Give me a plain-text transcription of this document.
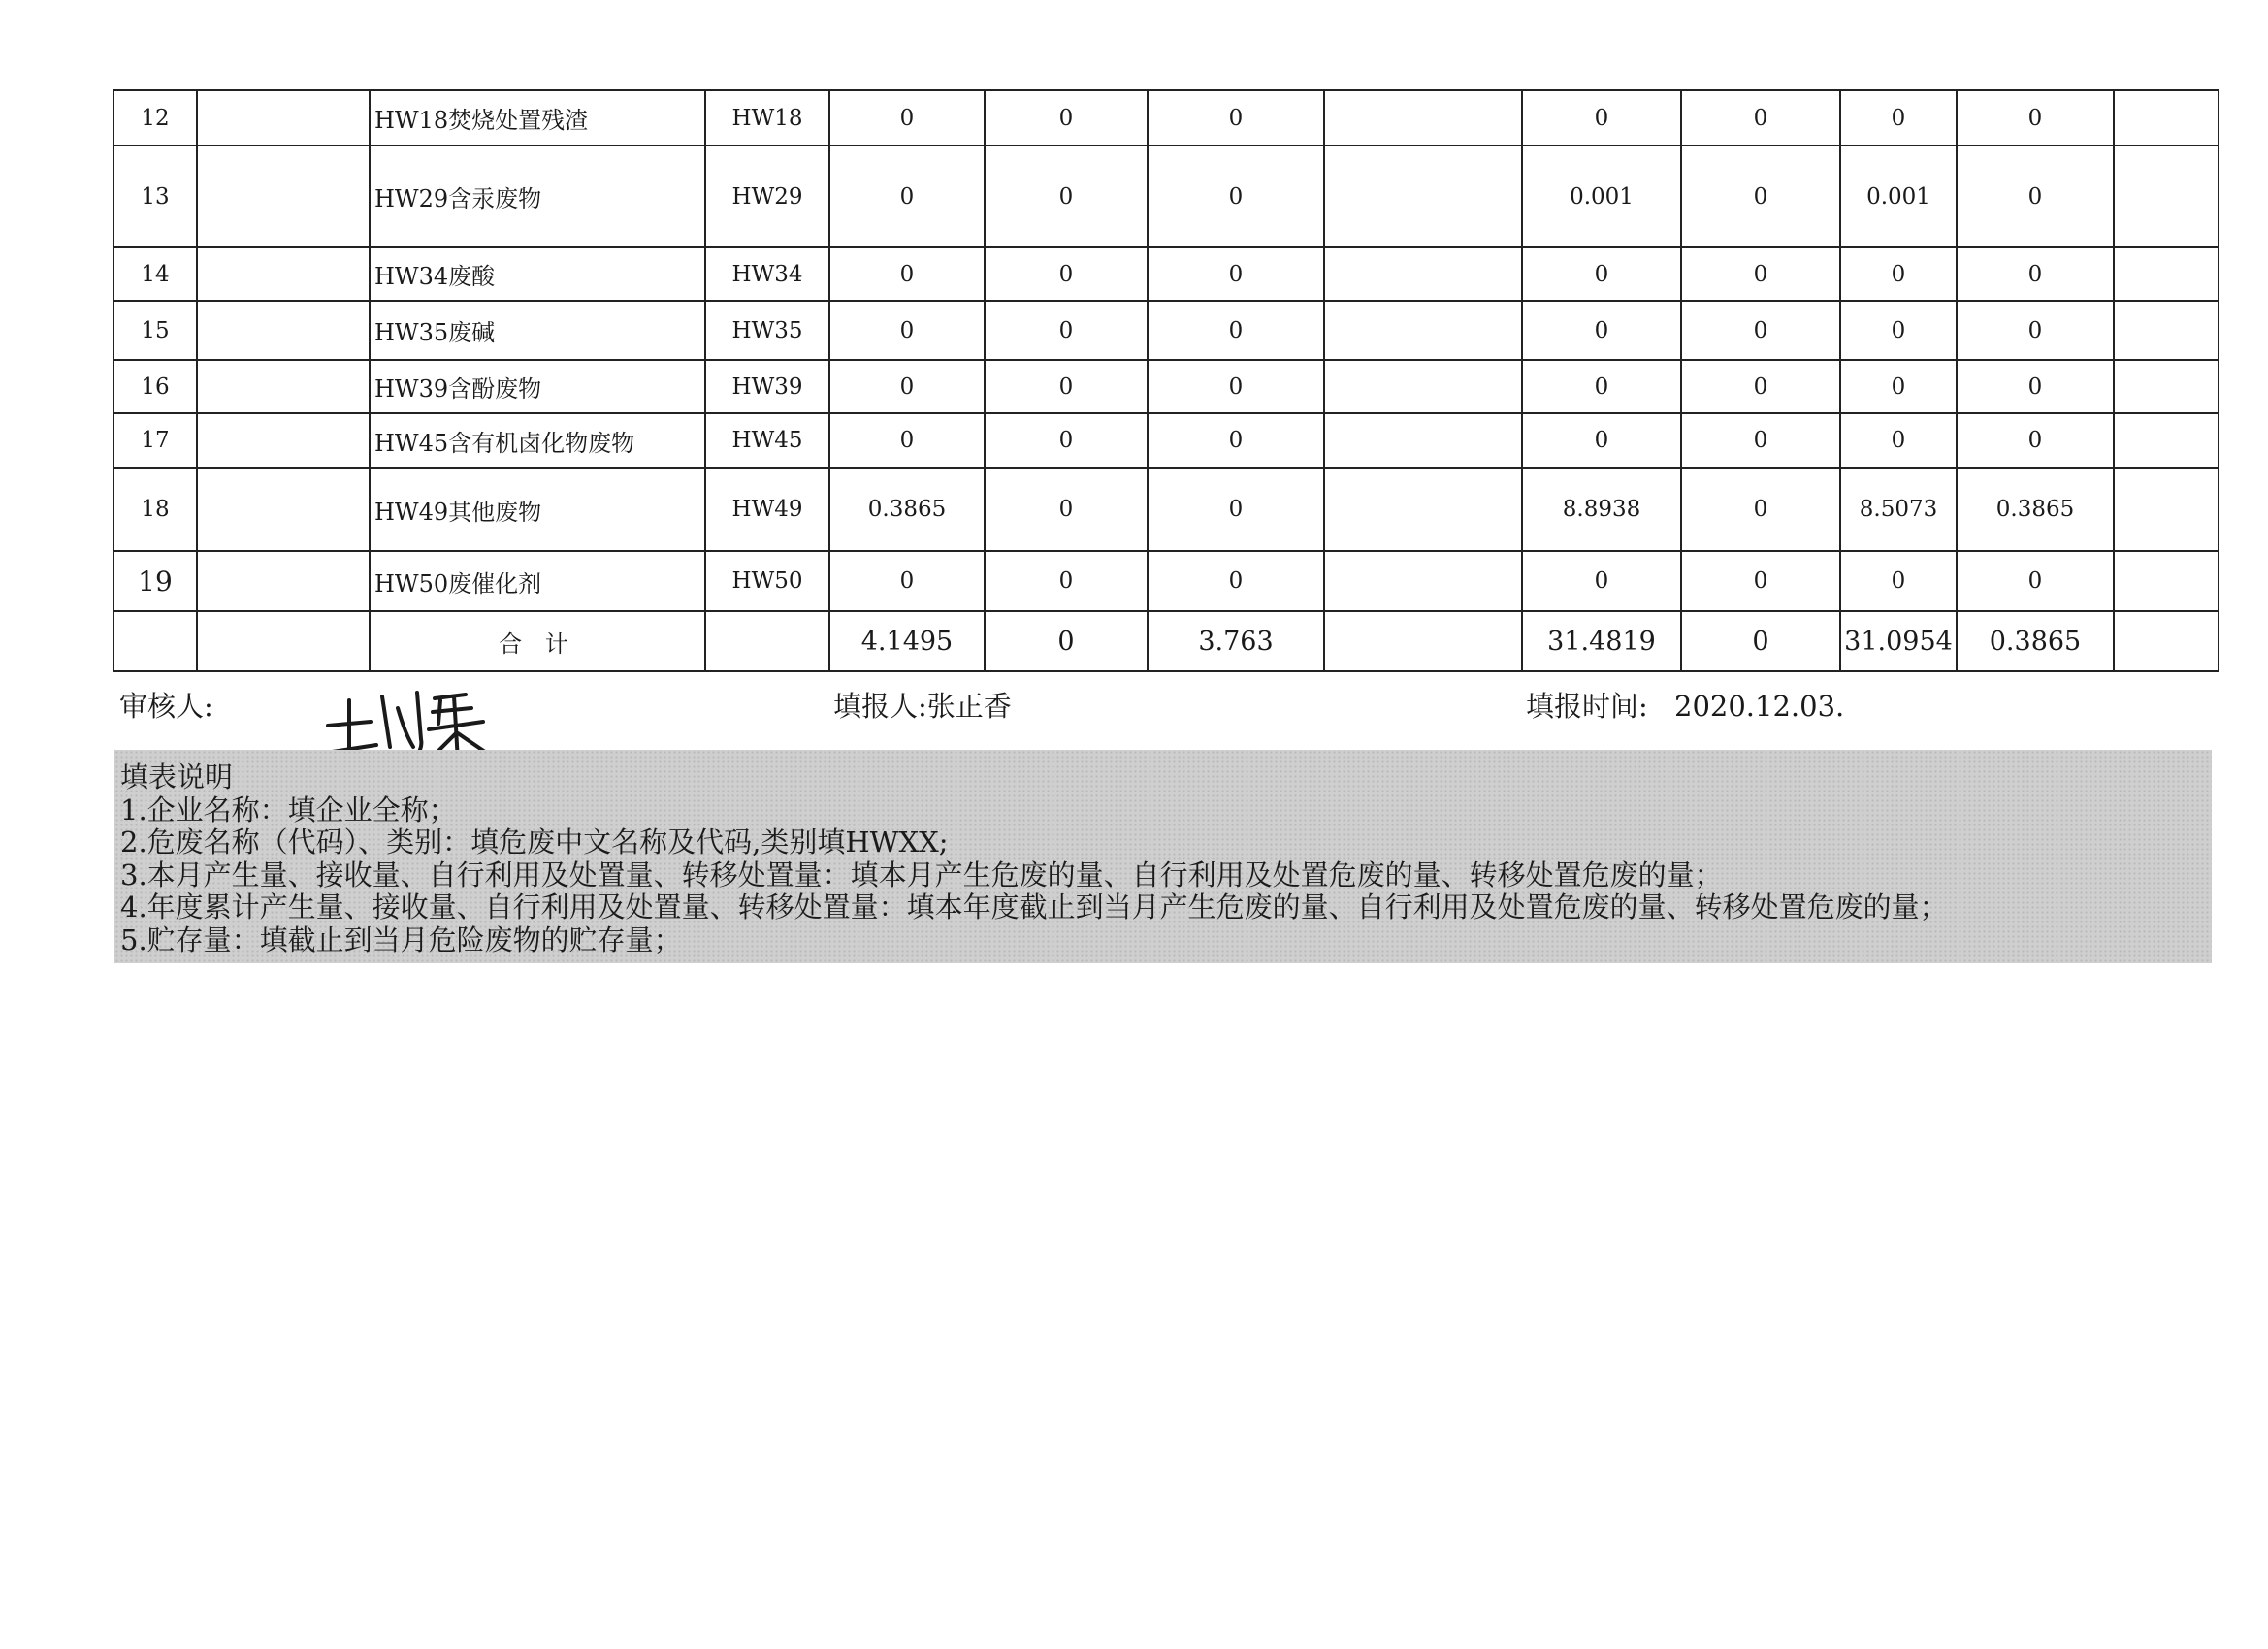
12		HW18焚烧处置残渣	HW18	0	0	0		0	0	0	0	
13		HW29含汞废物	HW29	0	0	0		0.001	0	0.001	0	
14		HW34废酸	HW34	0	0	0		0	0	0	0	
15		HW35废碱	HW35	0	0	0		0	0	0	0	
16		HW39含酚废物	HW39	0	0	0		0	0	0	0	
17		HW45含有机卤化物废物	HW45	0	0	0		0	0	0	0	
18		HW49其他废物	HW49	0.3865	0	0		8.8938	0	8.5073	0.3865	
19		HW50废催化剂	HW50	0	0	0		0	0	0	0	
		合 计		4.1495	0	3.763		31.4819	0	31.0954	0.3865	
审核人:	填报人:张正香	填报时间: 2020.12.03.
填表说明
1.企业名称：填企业全称；
2.危废名称（代码）、类别：填危废中文名称及代码,类别填HWXX;
3.本月产生量、接收量、自行利用及处置量、转移处置量：填本月产生危废的量、自行利用及处置危废的量、转移处置危废的量；
4.年度累计产生量、接收量、自行利用及处置量、转移处置量：填本年度截止到当月产生危废的量、自行利用及处置危废的量、转移处置危废的量；
5.贮存量：填截止到当月危险废物的贮存量；
